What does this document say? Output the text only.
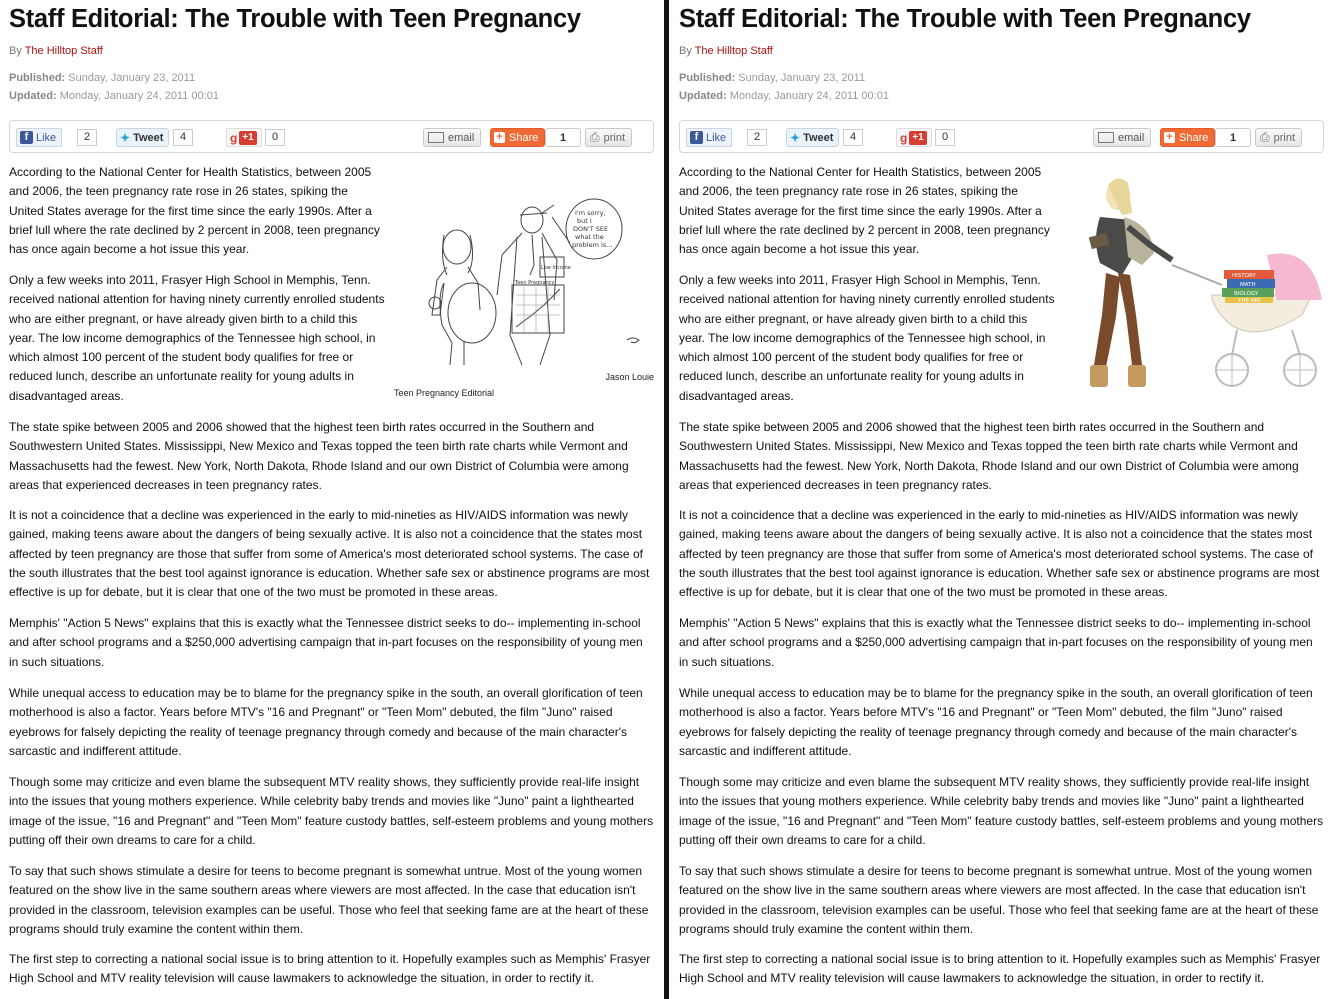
Staff Editorial: The Trouble with Teen Pregnancy
By The Hilltop Staff
Published: Sunday, January 23, 2011
Updated: Monday, January 24, 2011 00:01
f Like	2	✦ Tweet	4	g +1	0	email + Share	1	⎙ print
I'm sorry,
but I
DON'T SEE
what the
problem is...
Low Income
Teen Pregnancy
Jason Louie
Teen Pregnancy Editorial

According to the National Center for Health Statistics, between 2005 and 2006, the teen pregnancy rate rose in 26 states, spiking the United States average for the first time since the early 1990s. After a brief lull where the rate declined by 2 percent in 2008, teen pregnancy has once again become a hot issue this year.

Only a few weeks into 2011, Frasyer High School in Memphis, Tenn. received national attention for having ninety currently enrolled students who are either pregnant, or have already given birth to a child this year. The low income demographics of the Tennessee high school, in which almost 100 percent of the student body qualifies for free or reduced lunch, describe an unfortunate reality for young adults in disadvantaged areas.

The state spike between 2005 and 2006 showed that the highest teen birth rates occurred in the Southern and Southwestern United States. Mississippi, New Mexico and Texas topped the teen birth rate charts while Vermont and Massachusetts had the fewest. New York, North Dakota, Rhode Island and our own District of Columbia were among areas that experienced decreases in teen pregnancy rates.

It is not a coincidence that a decline was experienced in the early to mid-nineties as HIV/AIDS information was newly gained, making teens aware about the dangers of being sexually active. It is also not a coincidence that the states most affected by teen pregnancy are those that suffer from some of America's most deteriorated school systems. The case of the south illustrates that the best tool against ignorance is education. Whether safe sex or abstinence programs are most effective is up for debate, but it is clear that one of the two must be promoted in these areas.

Memphis' "Action 5 News" explains that this is exactly what the Tennessee district seeks to do-- implementing in-school and after school programs and a $250,000 advertising campaign that in-part focuses on the responsibility of young men in such situations.

While unequal access to education may be to blame for the pregnancy spike in the south, an overall glorification of teen motherhood is also a factor. Years before MTV's "16 and Pregnant" or "Teen Mom" debuted, the film "Juno" raised eyebrows for falsely depicting the reality of teenage pregnancy through comedy and because of the main character's sarcastic and indifferent attitude.

Though some may criticize and even blame the subsequent MTV reality shows, they sufficiently provide real-life insight into the issues that young mothers experience. While celebrity baby trends and movies like "Juno" paint a lighthearted image of the issue, "16 and Pregnant" and "Teen Mom" feature custody battles, self-esteem problems and young mothers putting off their own dreams to care for a child.

To say that such shows stimulate a desire for teens to become pregnant is somewhat untrue. Most of the young women featured on the show live in the same southern areas where viewers are most affected. In the case that education isn't provided in the classroom, television examples can be useful. Those who feel that seeking fame are at the heart of these programs should truly examine the content within them.

The first step to correcting a national social issue is to bring attention to it. Hopefully examples such as Memphis' Frasyer High School and MTV reality television will cause lawmakers to acknowledge the situation, in order to rectify it.

Staff Editorial: The Trouble with Teen Pregnancy
By The Hilltop Staff
Published: Sunday, January 23, 2011
Updated: Monday, January 24, 2011 00:01
f Like	2	✦ Tweet	4	g +1	0	email + Share	1	⎙ print
HISTORY
MATH
BIOLOGY
THE ART

According to the National Center for Health Statistics, between 2005 and 2006, the teen pregnancy rate rose in 26 states, spiking the United States average for the first time since the early 1990s. After a brief lull where the rate declined by 2 percent in 2008, teen pregnancy has once again become a hot issue this year.

Only a few weeks into 2011, Frasyer High School in Memphis, Tenn. received national attention for having ninety currently enrolled students who are either pregnant, or have already given birth to a child this year. The low income demographics of the Tennessee high school, in which almost 100 percent of the student body qualifies for free or reduced lunch, describe an unfortunate reality for young adults in disadvantaged areas.

The state spike between 2005 and 2006 showed that the highest teen birth rates occurred in the Southern and Southwestern United States. Mississippi, New Mexico and Texas topped the teen birth rate charts while Vermont and Massachusetts had the fewest. New York, North Dakota, Rhode Island and our own District of Columbia were among areas that experienced decreases in teen pregnancy rates.

It is not a coincidence that a decline was experienced in the early to mid-nineties as HIV/AIDS information was newly gained, making teens aware about the dangers of being sexually active. It is also not a coincidence that the states most affected by teen pregnancy are those that suffer from some of America's most deteriorated school systems. The case of the south illustrates that the best tool against ignorance is education. Whether safe sex or abstinence programs are most effective is up for debate, but it is clear that one of the two must be promoted in these areas.

Memphis' "Action 5 News" explains that this is exactly what the Tennessee district seeks to do-- implementing in-school and after school programs and a $250,000 advertising campaign that in-part focuses on the responsibility of young men in such situations.

While unequal access to education may be to blame for the pregnancy spike in the south, an overall glorification of teen motherhood is also a factor. Years before MTV's "16 and Pregnant" or "Teen Mom" debuted, the film "Juno" raised eyebrows for falsely depicting the reality of teenage pregnancy through comedy and because of the main character's sarcastic and indifferent attitude.

Though some may criticize and even blame the subsequent MTV reality shows, they sufficiently provide real-life insight into the issues that young mothers experience. While celebrity baby trends and movies like "Juno" paint a lighthearted image of the issue, "16 and Pregnant" and "Teen Mom" feature custody battles, self-esteem problems and young mothers putting off their own dreams to care for a child.

To say that such shows stimulate a desire for teens to become pregnant is somewhat untrue. Most of the young women featured on the show live in the same southern areas where viewers are most affected. In the case that education isn't provided in the classroom, television examples can be useful. Those who feel that seeking fame are at the heart of these programs should truly examine the content within them.

The first step to correcting a national social issue is to bring attention to it. Hopefully examples such as Memphis' Frasyer High School and MTV reality television will cause lawmakers to acknowledge the situation, in order to rectify it.
